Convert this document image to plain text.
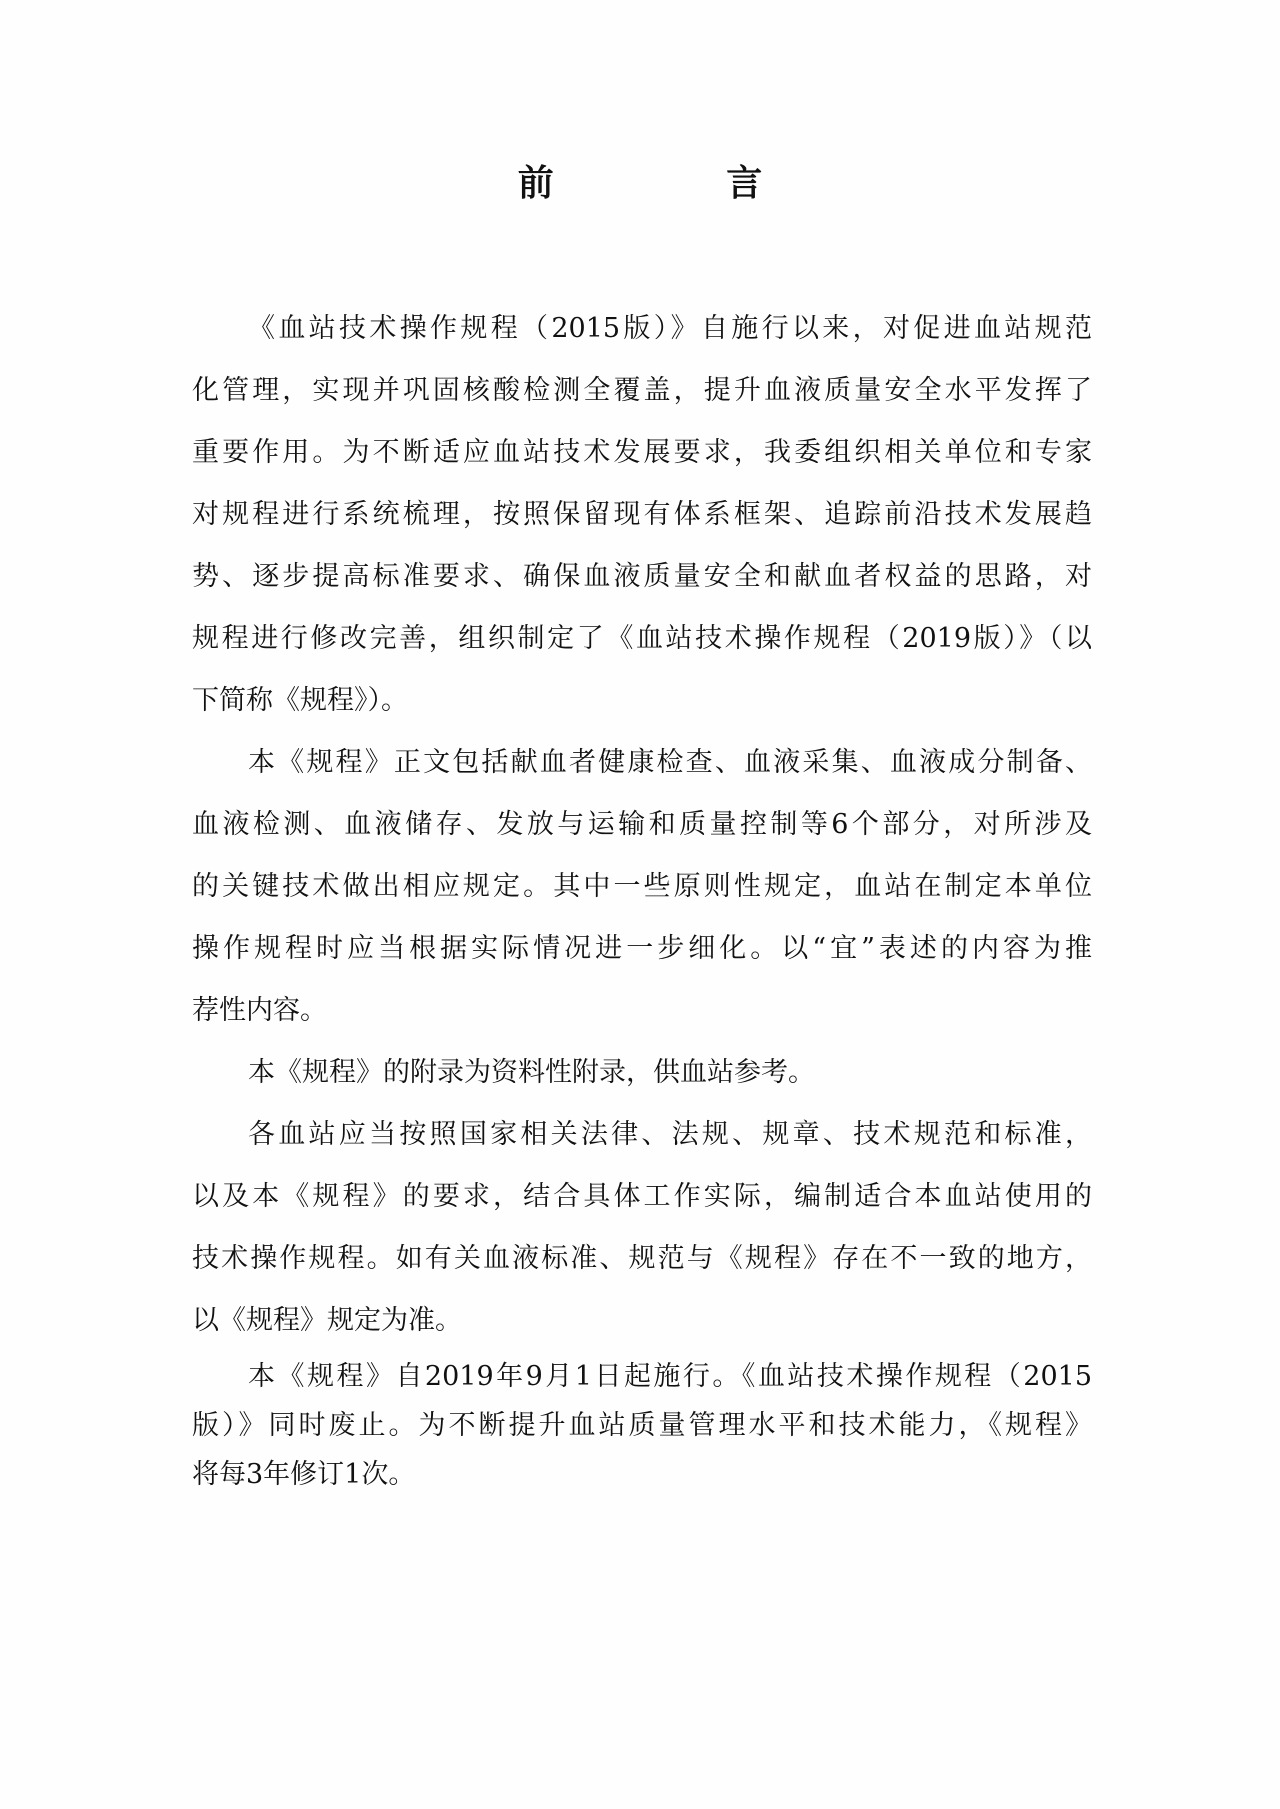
前 言
《血站技术操作规程（2015版）》自施行以来，对促进血站规范
化管理，实现并巩固核酸检测全覆盖，提升血液质量安全水平发挥了
重要作用。为不断适应血站技术发展要求，我委组织相关单位和专家
对规程进行系统梳理，按照保留现有体系框架、追踪前沿技术发展趋
势、逐步提高标准要求、确保血液质量安全和献血者权益的思路，对
规程进行修改完善，组织制定了《血站技术操作规程（2019版）》（以
下简称《规程》）。
本《规程》正文包括献血者健康检查、血液采集、血液成分制备、
血液检测、血液储存、发放与运输和质量控制等6个部分，对所涉及
的关键技术做出相应规定。其中一些原则性规定，血站在制定本单位
操作规程时应当根据实际情况进一步细化。以“宜”表述的内容为推
荐性内容。
本《规程》的附录为资料性附录，供血站参考。
各血站应当按照国家相关法律、法规、规章、技术规范和标准，
以及本《规程》的要求，结合具体工作实际，编制适合本血站使用的
技术操作规程。如有关血液标准、规范与《规程》存在不一致的地方，
以《规程》规定为准。
本《规程》自2019年9月1日起施行。《血站技术操作规程（2015
版）》同时废止。为不断提升血站质量管理水平和技术能力，《规程》
将每3年修订1次。
